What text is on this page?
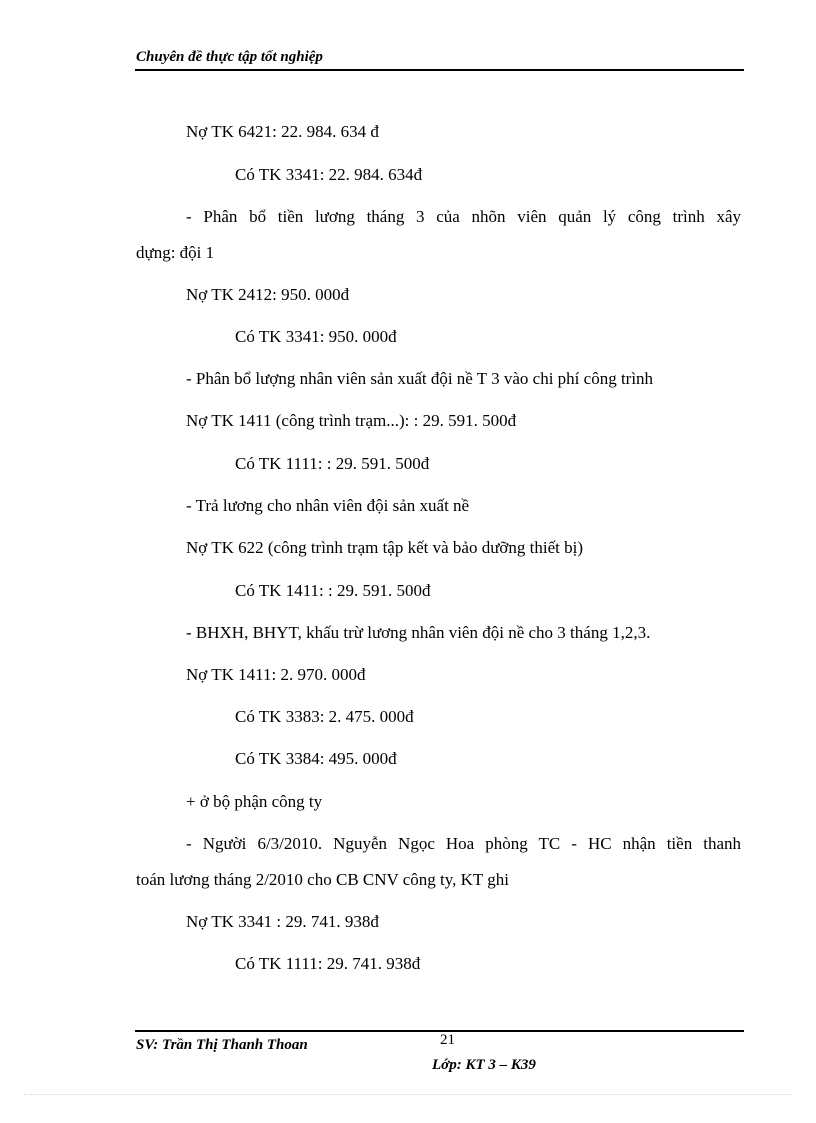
Chuyên đề thực tập tốt nghiệp
Nợ TK 6421: 22. 984. 634 đ
Có TK 3341: 22. 984. 634đ
- Phân bổ tiền lương tháng 3 của nhõn viên quản lý công trình xây
dựng: đội 1
Nợ TK 2412: 950. 000đ
Có TK 3341: 950. 000đ
- Phân bổ lượng nhân viên sản xuất đội nề T 3 vào chi phí công trình
Nợ TK 1411 (công trình trạm...): : 29. 591. 500đ
Có TK 1111: : 29. 591. 500đ
- Trả lương cho nhân viên đội sản xuất nề
Nợ TK 622 (công trình trạm tập kết và bảo dưỡng thiết bị)
Có TK 1411: : 29. 591. 500đ
- BHXH, BHYT, khấu trừ lương nhân viên đội nề cho 3 tháng 1,2,3.
Nợ TK 1411: 2. 970. 000đ
Có TK 3383: 2. 475. 000đ
Có TK 3384: 495. 000đ
+ ở bộ phận công ty
- Người 6/3/2010. Nguyễn Ngọc Hoa phòng TC - HC nhận tiền thanh
toán lương tháng 2/2010 cho CB CNV công ty, KT ghi
Nợ TK 3341 : 29. 741. 938đ
Có TK 1111: 29. 741. 938đ
SV: Trần Thị Thanh Thoan	21
Lớp: KT 3 – K39
